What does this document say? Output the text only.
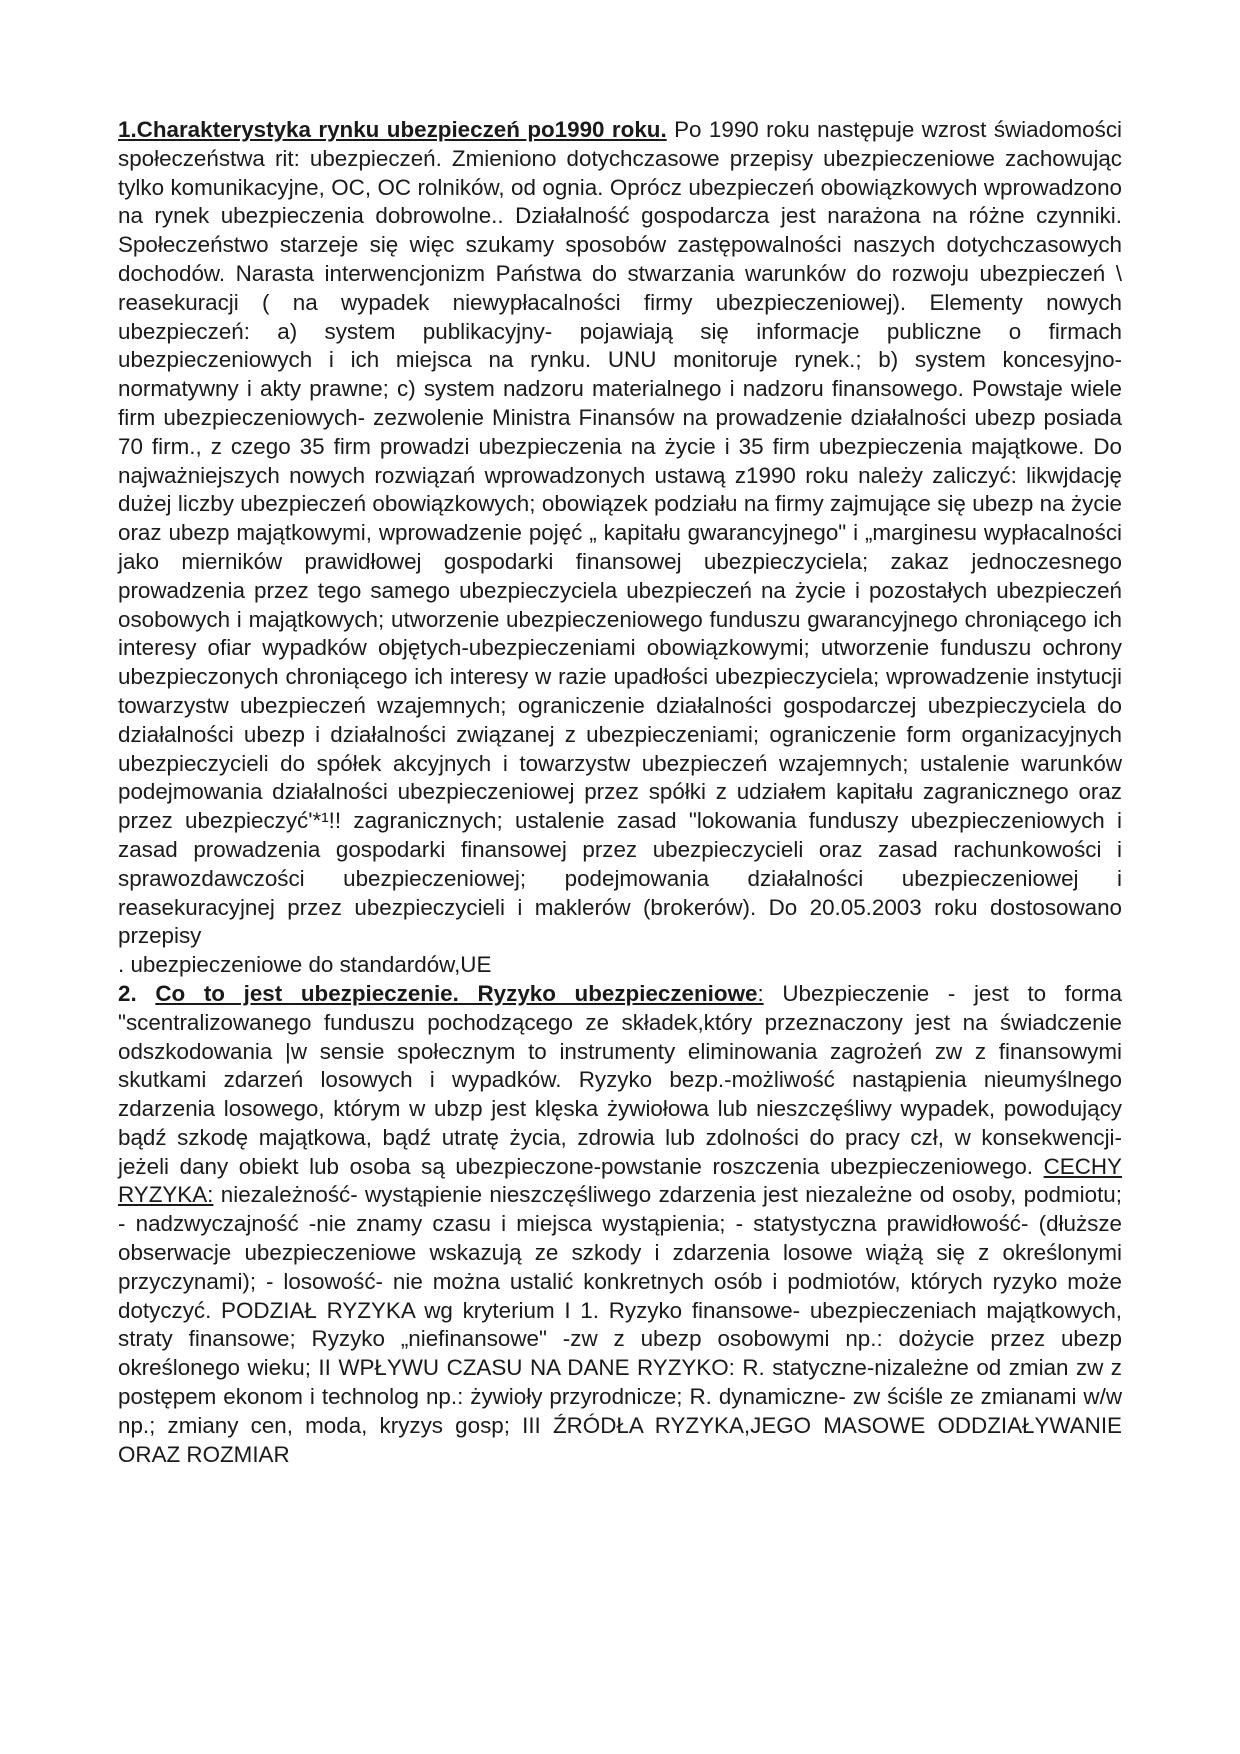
1.Charakterystyka rynku ubezpieczeń po1990 roku. Po 1990 roku następuje wzrost świadomości społeczeństwa rit: ubezpieczeń. Zmieniono dotychczasowe przepisy ubezpieczeniowe zachowując tylko komunikacyjne, OC, OC rolników, od ognia. Oprócz ubezpieczeń obowiązkowych wprowadzono na rynek ubezpieczenia dobrowolne.. Działalność gospodarcza jest narażona na różne czynniki. Społeczeństwo starzeje się więc szukamy sposobów zastępowalności naszych dotychczasowych dochodów. Narasta interwencjonizm Państwa do stwarzania warunków do rozwoju ubezpieczeń \ reasekuracji ( na wypadek niewypłacalności firmy ubezpieczeniowej). Elementy nowych ubezpieczeń: a) system publikacyjny- pojawiają się informacje publiczne o firmach ubezpieczeniowych i ich miejsca na rynku. UNU monitoruje rynek.; b) system koncesyjno-normatywny i akty prawne; c) system nadzoru materialnego i nadzoru finansowego. Powstaje wiele firm ubezpieczeniowych- zezwolenie Ministra Finansów na prowadzenie działalności ubezp posiada 70 firm., z czego 35 firm prowadzi ubezpieczenia na życie i 35 firm ubezpieczenia majątkowe. Do najważniejszych nowych rozwiązań wprowadzonych ustawą z1990 roku należy zaliczyć: likwjdację dużej liczby ubezpieczeń obowiązkowych; obowiązek podziału na firmy zajmujące się ubezp na życie oraz ubezp majątkowymi, wprowadzenie pojęć „ kapitału gwarancyjnego" i „marginesu wypłacalności jako mierników prawidłowej gospodarki finansowej ubezpieczyciela; zakaz jednoczesnego prowadzenia przez tego samego ubezpieczyciela ubezpieczeń na życie i pozostałych ubezpieczeń osobowych i majątkowych; utworzenie ubezpieczeniowego funduszu gwarancyjnego chroniącego ich interesy ofiar wypadków objętych-ubezpieczeniami obowiązkowymi; utworzenie funduszu ochrony ubezpieczonych chroniącego ich interesy w razie upadłości ubezpieczyciela; wprowadzenie instytucji towarzystw ubezpieczeń wzajemnych; ograniczenie działalności gospodarczej ubezpieczyciela do działalności ubezp i działalności związanej z ubezpieczeniami; ograniczenie form organizacyjnych ubezpieczycieli do spółek akcyjnych i towarzystw ubezpieczeń wzajemnych; ustalenie warunków podejmowania działalności ubezpieczeniowej przez spółki z udziałem kapitału zagranicznego oraz przez ubezpieczyć'*¹!! zagranicznych; ustalenie zasad "lokowania funduszy ubezpieczeniowych i zasad prowadzenia gospodarki finansowej przez ubezpieczycieli oraz zasad rachunkowości i sprawozdawczości ubezpieczeniowej; podejmowania działalności ubezpieczeniowej i reasekuracyjnej przez ubezpieczycieli i maklerów (brokerów). Do 20.05.2003 roku dostosowano przepisy

. ubezpieczeniowe do standardów,UE

2. Co to jest ubezpieczenie. Ryzyko ubezpieczeniowe: Ubezpieczenie - jest to forma "scentralizowanego funduszu pochodzącego ze składek,który przeznaczony jest na świadczenie odszkodowania |w sensie społecznym to instrumenty eliminowania zagrożeń zw z finansowymi skutkami zdarzeń losowych i wypadków. Ryzyko bezp.-możliwość nastąpienia nieumyślnego zdarzenia losowego, którym w ubzp jest klęska żywiołowa lub nieszczęśliwy wypadek, powodujący bądź szkodę majątkowa, bądź utratę życia, zdrowia lub zdolności do pracy czł, w konsekwencji- jeżeli dany obiekt lub osoba są ubezpieczone-powstanie roszczenia ubezpieczeniowego. CECHY RYZYKA: niezależność- wystąpienie nieszczęśliwego zdarzenia jest niezależne od osoby, podmiotu; - nadzwyczajność -nie znamy czasu i miejsca wystąpienia; - statystyczna prawidłowość- (dłuższe obserwacje ubezpieczeniowe wskazują ze szkody i zdarzenia losowe wiążą się z określonymi przyczynami); - losowość- nie można ustalić konkretnych osób i podmiotów, których ryzyko może dotyczyć. PODZIAŁ RYZYKA wg kryterium I 1. Ryzyko finansowe- ubezpieczeniach majątkowych, straty finansowe; Ryzyko „niefinansowe" -zw z ubezp osobowymi np.: dożycie przez ubezp określonego wieku; II WPŁYWU CZASU NA DANE RYZYKO: R. statyczne-nizależne od zmian zw z postępem ekonom i technolog np.: żywioły przyrodnicze; R. dynamiczne- zw ściśle ze zmianami w/w np.; zmiany cen, moda, kryzys gosp; III ŹRÓDŁA RYZYKA,JEGO MASOWE ODDZIAŁYWANIE ORAZ ROZMIAR
